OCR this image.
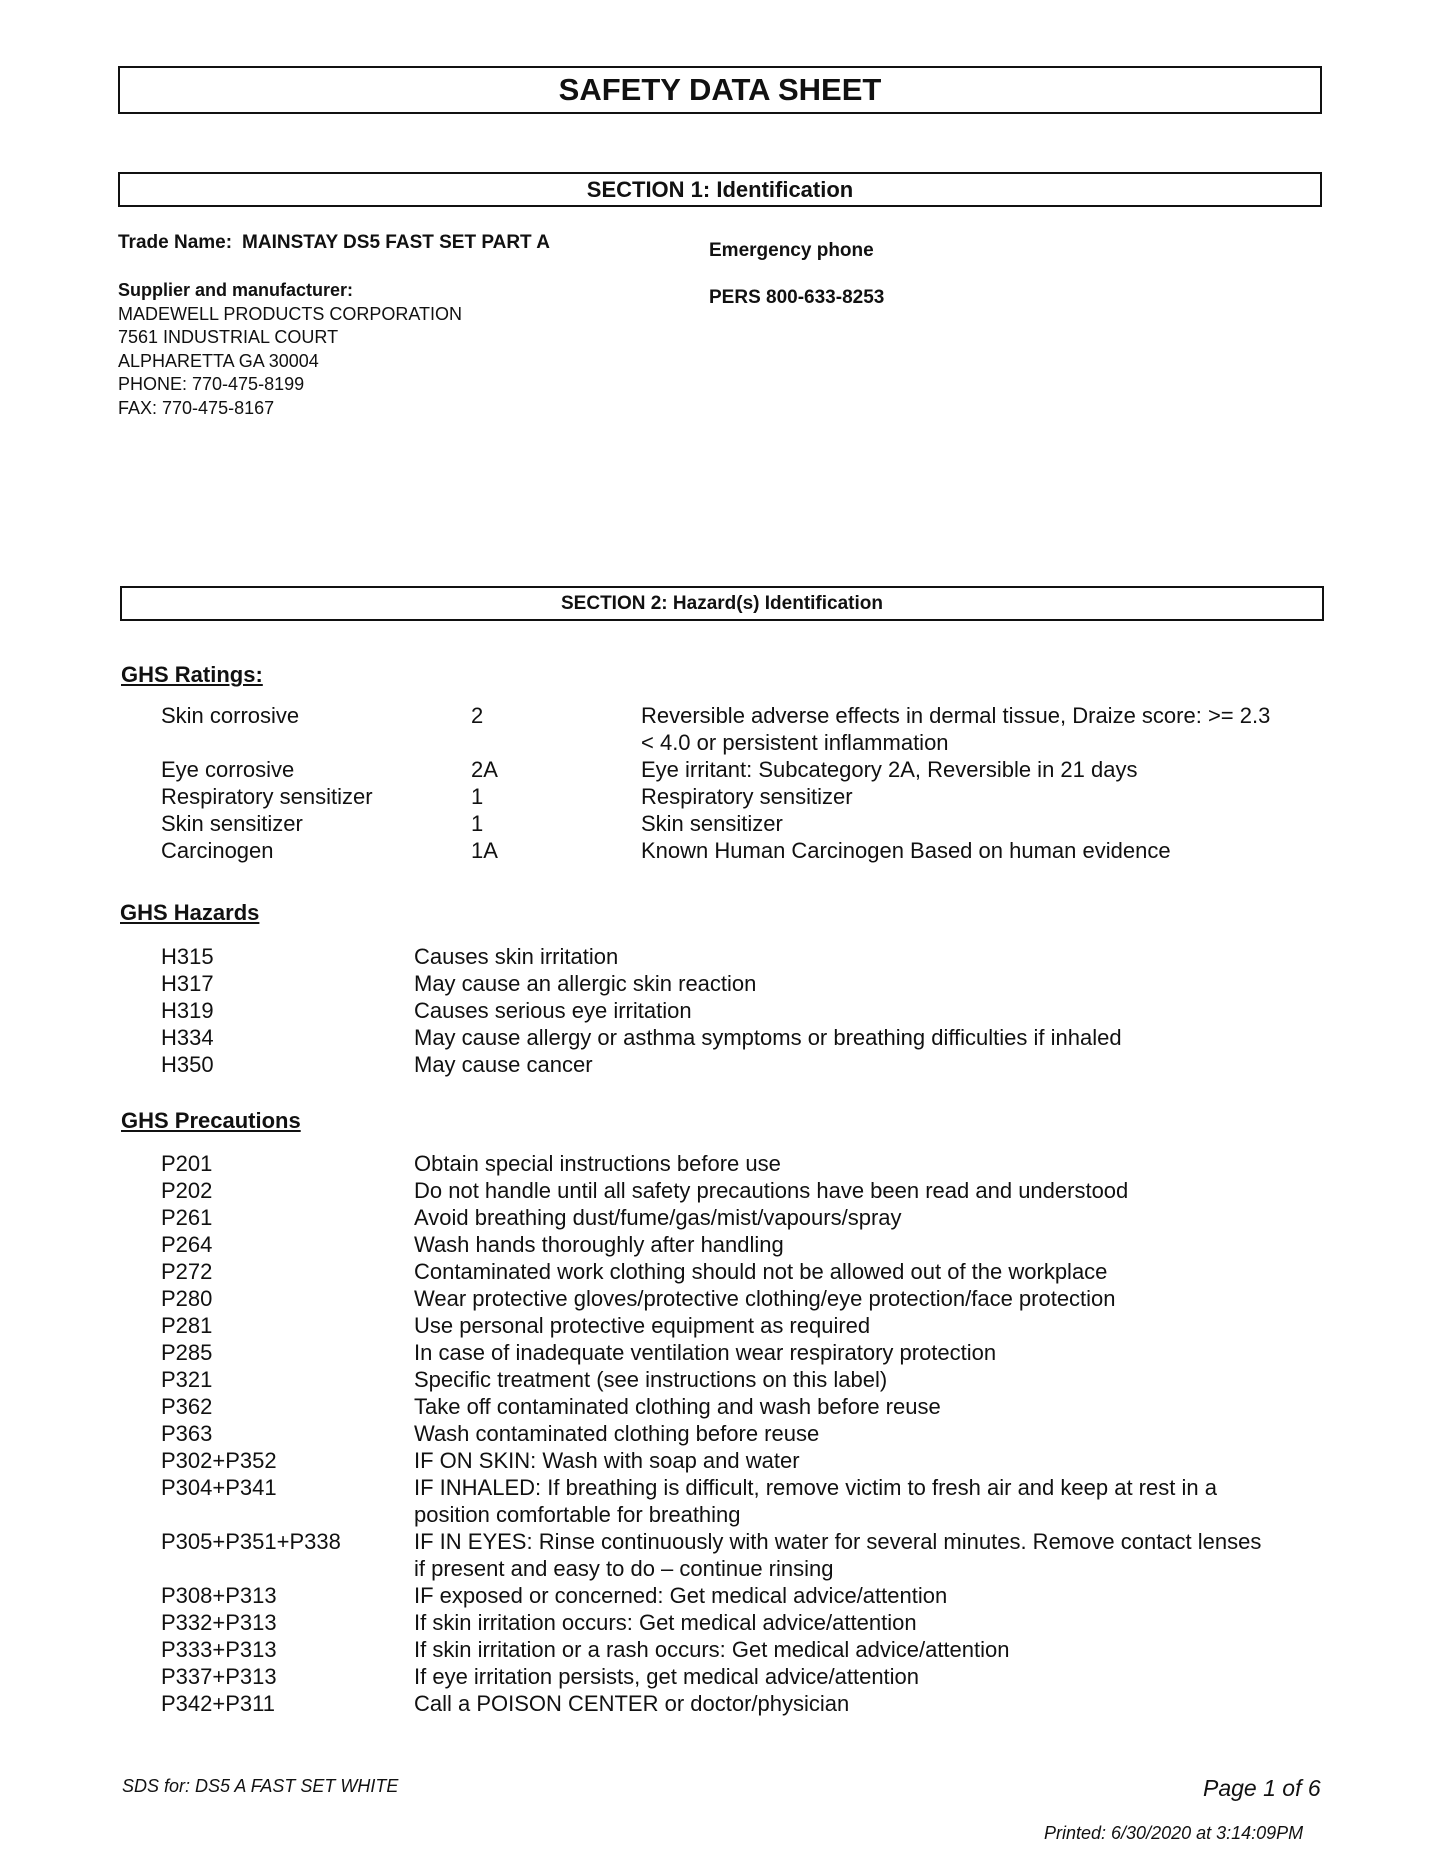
SAFETY DATA SHEET
SECTION 1: Identification
Trade Name: MAINSTAY DS5 FAST SET PART A
Supplier and manufacturer:
MADEWELL PRODUCTS CORPORATION
7561 INDUSTRIAL COURT
ALPHARETTA GA 30004
PHONE: 770-475-8199
FAX: 770-475-8167
Emergency phone
PERS 800-633-8253
SECTION 2: Hazard(s) Identification
GHS Ratings:
Skin corrosive	2	Reversible adverse effects in dermal tissue, Draize score: >= 2.3 < 4.0 or persistent inflammation
Eye corrosive	2A	Eye irritant: Subcategory 2A, Reversible in 21 days
Respiratory sensitizer	1	Respiratory sensitizer
Skin sensitizer	1	Skin sensitizer
Carcinogen	1A	Known Human Carcinogen Based on human evidence
GHS Hazards
H315	Causes skin irritation
H317	May cause an allergic skin reaction
H319	Causes serious eye irritation
H334	May cause allergy or asthma symptoms or breathing difficulties if inhaled
H350	May cause cancer
GHS Precautions
P201	Obtain special instructions before use
P202	Do not handle until all safety precautions have been read and understood
P261	Avoid breathing dust/fume/gas/mist/vapours/spray
P264	Wash hands thoroughly after handling
P272	Contaminated work clothing should not be allowed out of the workplace
P280	Wear protective gloves/protective clothing/eye protection/face protection
P281	Use personal protective equipment as required
P285	In case of inadequate ventilation wear respiratory protection
P321	Specific treatment (see instructions on this label)
P362	Take off contaminated clothing and wash before reuse
P363	Wash contaminated clothing before reuse
P302+P352	IF ON SKIN: Wash with soap and water
P304+P341	IF INHALED: If breathing is difficult, remove victim to fresh air and keep at rest in a position comfortable for breathing
P305+P351+P338	IF IN EYES: Rinse continuously with water for several minutes. Remove contact lenses if present and easy to do – continue rinsing
P308+P313	IF exposed or concerned: Get medical advice/attention
P332+P313	If skin irritation occurs: Get medical advice/attention
P333+P313	If skin irritation or a rash occurs: Get medical advice/attention
P337+P313	If eye irritation persists, get medical advice/attention
P342+P311	Call a POISON CENTER or doctor/physician
SDS for: DS5 A FAST SET WHITE	Page 1 of 6
Printed: 6/30/2020 at 3:14:09PM
